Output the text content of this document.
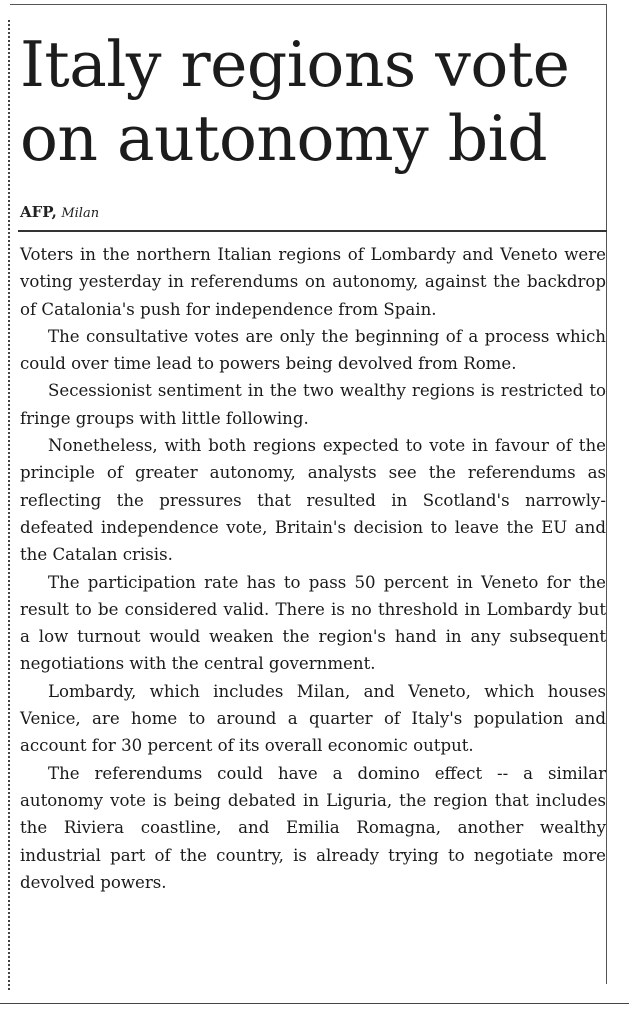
Italy regions vote on autonomy bid
AFP, Milan

Voters in the northern Italian regions of Lombardy and Veneto were voting yesterday in referendums on autonomy, against the backdrop of Catalonia's push for independence from Spain.

The consultative votes are only the beginning of a process which could over time lead to powers being devolved from Rome.

Secessionist sentiment in the two wealthy regions is restricted to fringe groups with little following.

Nonetheless, with both regions expected to vote in favour of the principle of greater autonomy, analysts see the referendums as reflecting the pressures that resulted in Scotland's narrowly-defeated independence vote, Britain's decision to leave the EU and the Catalan crisis.

The participation rate has to pass 50 percent in Veneto for the result to be considered valid. There is no threshold in Lombardy but a low turnout would weaken the region's hand in any subsequent negotiations with the central government.

Lombardy, which includes Milan, and Veneto, which houses Venice, are home to around a quarter of Italy's population and account for 30 percent of its overall economic output.

The referendums could have a domino effect -- a similar autonomy vote is being debated in Liguria, the region that includes the Riviera coastline, and Emilia Romagna, another wealthy industrial part of the country, is already trying to negotiate more devolved powers.
